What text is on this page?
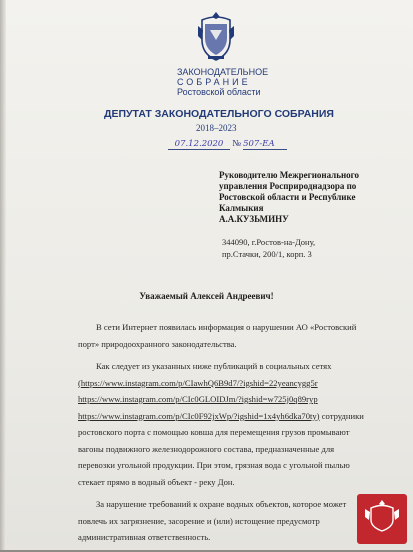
ЗАКОНОДАТЕЛЬНОЕ
СОБРАНИЕ
Ростовской области
ДЕПУТАТ ЗАКОНОДАТЕЛЬНОГО СОБРАНИЯ
2018–2023
07.12.2020 № 507-ЕА
Руководителю Межрегионального
управления Росприроднадзора по
Ростовской области и Республике
Калмыкия
А.А.КУЗЬМИНУ
344090, г.Ростов-на-Дону,
пр.Стачки, 200/1, корп. 3
Уважаемый Алексей Андреевич!

В сети Интернет появилась информация о нарушении АО «Ростовский
порт» природоохранного законодательства.

Как следует из указанных ниже публикаций в социальных сетях
(https://www.instagram.com/p/CIawhQ6B9d7/?igshid=22yeancygg5r
https://www.instagram.com/p/CIc0GLOIDJm/?igshid=w725j0q89ryp
https://www.instagram.com/p/CIc0F92jxWp/?igshid=1x4yh6dka70ty) сотрудники
ростовского порта с помощью ковша для перемещения грузов промывают
вагоны подвижного железнодорожного состава, предназначенные для
перевозки угольной продукции. При этом, грязная вода с угольной пылью
стекает прямо в водный объект - реку Дон.

За нарушение требований к охране водных объектов, которое может
повлечь их загрязнение, засорение и (или) истощение предусмотр
административная ответственность.
